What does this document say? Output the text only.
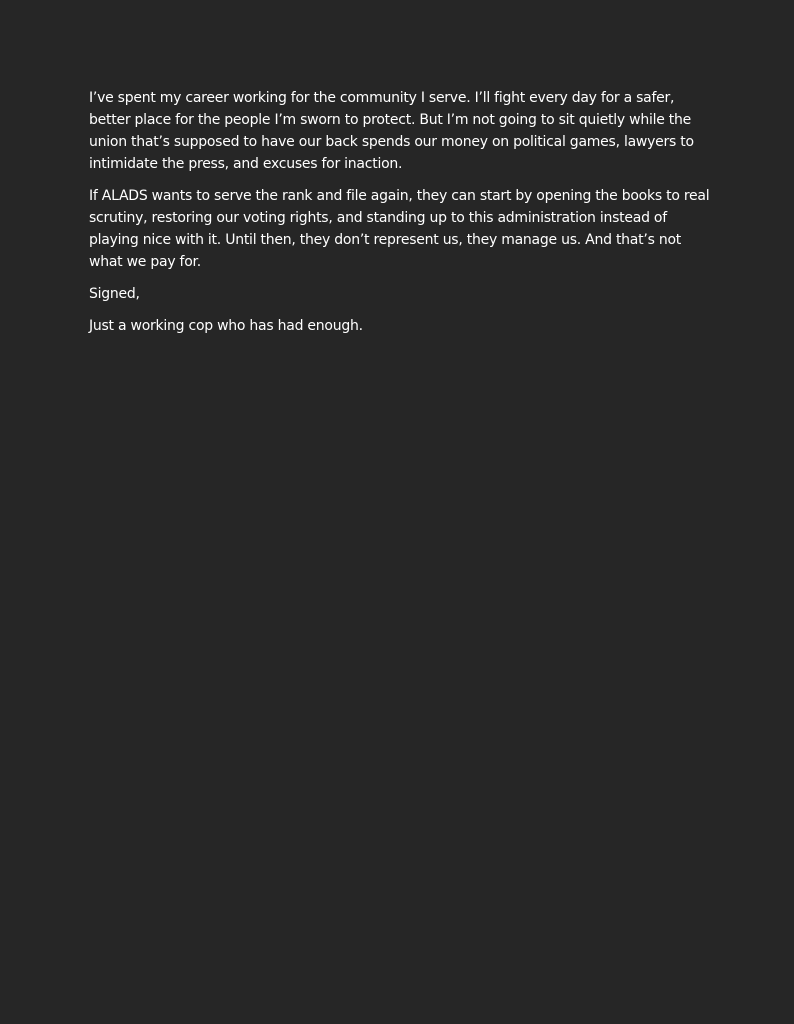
I’ve spent my career working for the community I serve. I’ll fight every day for a safer, better place for the people I’m sworn to protect. But I’m not going to sit quietly while the union that’s supposed to have our back spends our money on political games, lawyers to intimidate the press, and excuses for inaction.

If ALADS wants to serve the rank and file again, they can start by opening the books to real scrutiny, restoring our voting rights, and standing up to this administration instead of playing nice with it. Until then, they don’t represent us, they manage us. And that’s not what we pay for.

Signed,

Just a working cop who has had enough.
